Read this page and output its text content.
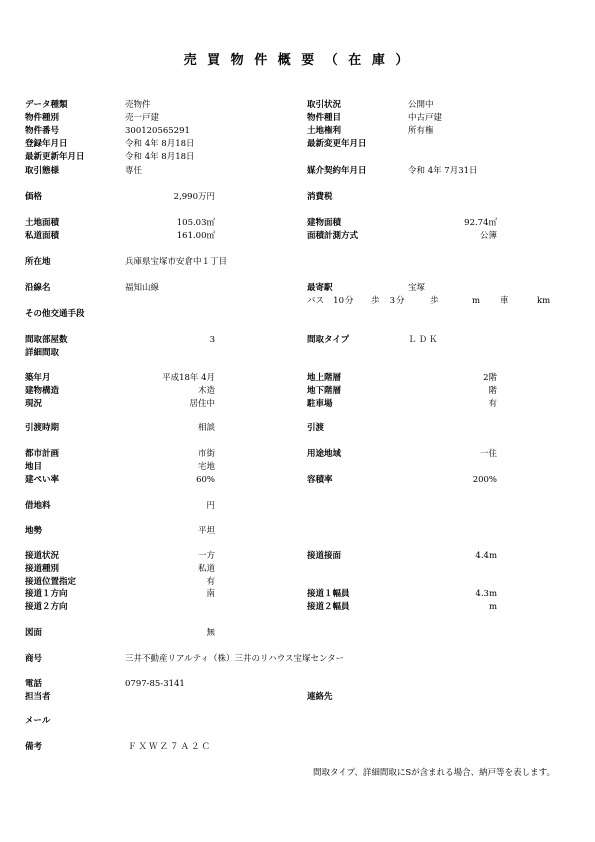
売 買 物 件 概 要 （ 在 庫 ）
データ種類	売物件	取引状況	公開中
物件種別	売一戸建	物件種目	中古戸建
物件番号	300120565291	土地権利	所有権
登録年月日	令和 4年 8月18日	最新変更年月日
最新更新年月日	令和 4年 8月18日
取引態様	専任	媒介契約年月日	令和 4年 7月31日
価格	2,990万円	消費税
土地面積	105.03㎡	建物面積	92.74㎡
私道面積	161.00㎡	面積計測方式	公簿
所在地	兵庫県宝塚市安倉中１丁目
沿線名	福知山線	最寄駅	宝塚
バス	10 分 歩	3 分	歩	m 車	km
その他交通手段
間取部屋数	3	間取タイプ	ＬＤＫ
詳細間取
築年月	平成18年 4月	地上階層	2階
建物構造	木造	地下階層	階
現況	居住中	駐車場	有
引渡時期	相談	引渡
都市計画	市街	用途地域	一住
地目	宅地
建ぺい率	60%	容積率	200%
借地料	円
地勢	平坦
接道状況	一方	接道接面	4.4m
接道種別	私道
接道位置指定	有
接道１方向	南	接道１幅員	4.3m
接道２方向	接道２幅員	m
図面	無
商号	三井不動産リアルティ（株）三井のリハウス宝塚センター
電話	0797-85-3141
担当者	連絡先
メール
備考	ＦＸＷＺ７Ａ２Ｃ
間取タイプ、詳細間取にSが含まれる場合、納戸等を表します。
